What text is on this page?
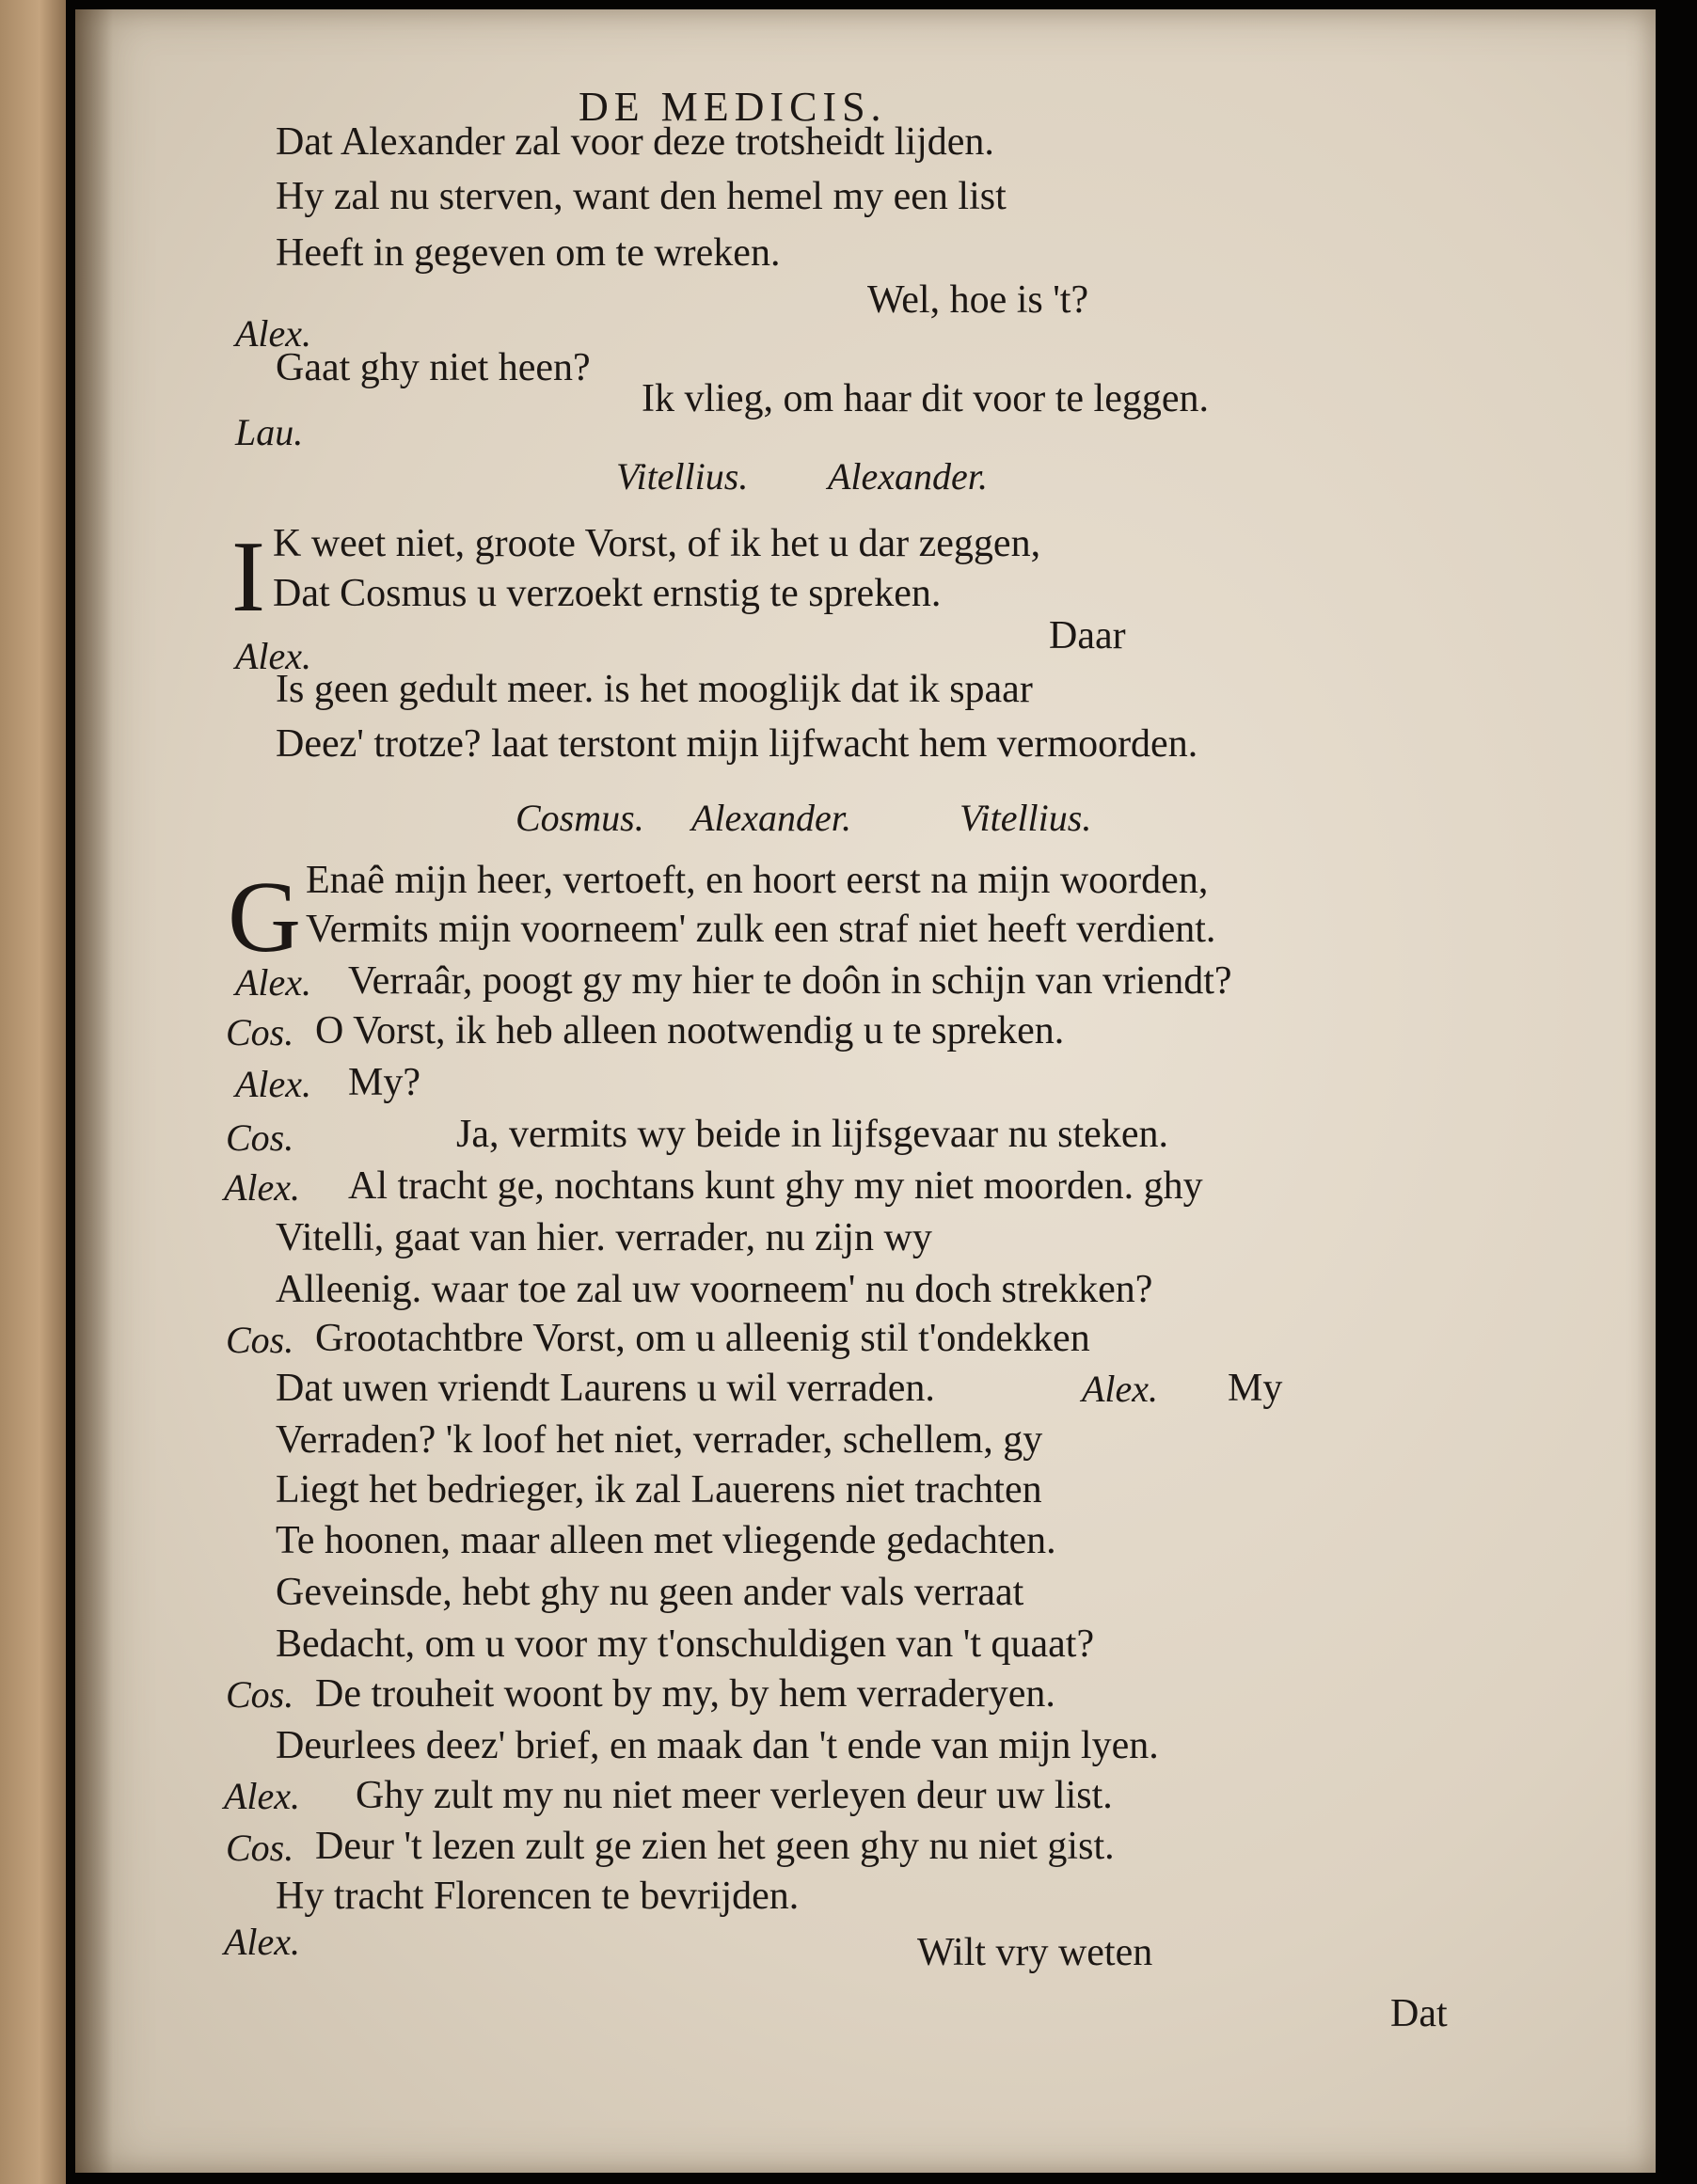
DE MEDICIS.
Dat Alexander zal voor deze trotsheidt lijden.
Hy zal nu sterven, want den hemel my een list
Heeft in gegeven om te wreken.
Wel, hoe is 't?
Alex.
Gaat ghy niet heen?
Lau.
Ik vlieg, om haar dit voor te leggen.
Vitellius. Alexander.
I K weet niet, groote Vorst, of ik het u dar zeggen,
Dat Cosmus u verzoekt ernstig te spreken.
Alex.	Daar
Is geen gedult meer. is het mooglijk dat ik spaar
Deez' trotze? laat terstont mijn lijfwacht hem vermoorden.
Cosmus. Alexander.	Vitellius.
G Enaê mijn heer, vertoeft, en hoort eerst na mijn woorden,
Vermits mijn voorneem' zulk een straf niet heeft verdient.
Alex. Verraâr, poogt gy my hier te doôn in schijn van vriendt?
Cos. O Vorst, ik heb alleen nootwendig u te spreken.
Alex. My?
Cos.	Ja, vermits wy beide in lijfsgevaar nu steken.
Alex. Al tracht ge, nochtans kunt ghy my niet moorden. ghy
Vitelli, gaat van hier. verrader, nu zijn wy
Alleenig. waar toe zal uw voorneem' nu doch strekken?
Cos. Grootachtbre Vorst, om u alleenig stil t'ondekken
Dat uwen vriendt Laurens u wil verraden.	Alex. My
Verraden? 'k loof het niet, verrader, schellem, gy
Liegt het bedrieger, ik zal Lauerens niet trachten
Te hoonen, maar alleen met vliegende gedachten.
Geveinsde, hebt ghy nu geen ander vals verraat
Bedacht, om u voor my t'onschuldigen van 't quaat?
Cos. De trouheit woont by my, by hem verraderyen.
Deurlees deez' brief, en maak dan 't ende van mijn lyen.
Alex. Ghy zult my nu niet meer verleyen deur uw list.
Cos. Deur 't lezen zult ge zien het geen ghy nu niet gist.
Hy tracht Florencen te bevrijden.
Alex.	Wilt vry weten
Dat
